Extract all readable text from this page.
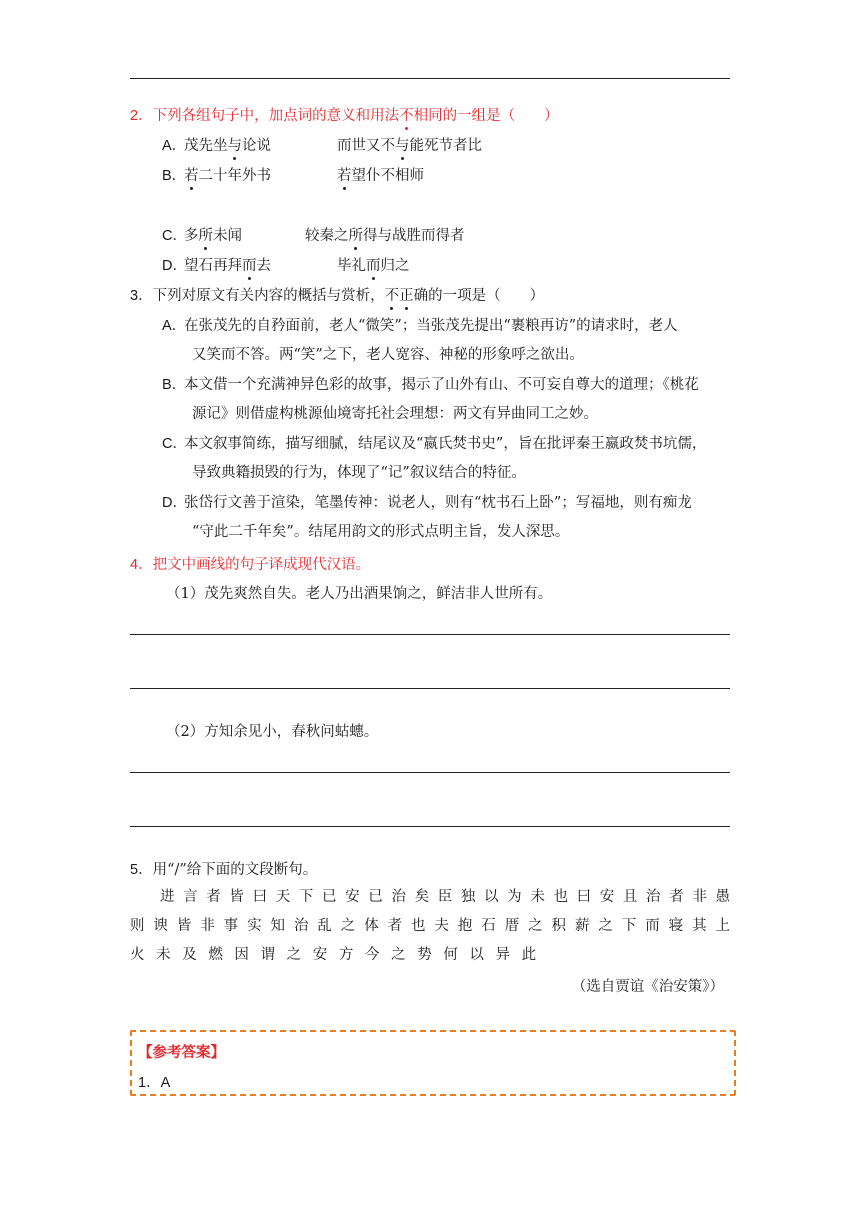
2．下列各组句子中，加点词的意义和用法不相同的一组是（　　）
A．茂先坐与论说	而世又不与能死节者比
B．若二十年外书	若望仆不相师
C．多所未闻	较秦之所得与战胜而得者
D．望石再拜而去	毕礼而归之
3．下列对原文有关内容的概括与赏析，不正确的一项是（　　）
A．在张茂先的自矜面前，老人“微笑”；当张茂先提出“裹粮再访”的请求时，老人
又笑而不答。两“笑”之下，老人宽容、神秘的形象呼之欲出。
B．本文借一个充满神异色彩的故事，揭示了山外有山、不可妄自尊大的道理；《桃花
源记》则借虚构桃源仙境寄托社会理想：两文有异曲同工之妙。
C．本文叙事简练，描写细腻，结尾议及“嬴氏焚书史”，旨在批评秦王嬴政焚书坑儒，
导致典籍损毁的行为，体现了“记”叙议结合的特征。
D．张岱行文善于渲染，笔墨传神：说老人，则有“枕书石上卧”；写福地，则有痴龙
“守此二千年矣”。结尾用韵文的形式点明主旨，发人深思。
4．把文中画线的句子译成现代汉语。
（1）茂先爽然自失。老人乃出酒果饷之，鲜洁非人世所有。
（2）方知余见小，春秋问蛄蟪。
5．用“/”给下面的文段断句。
进 言 者 皆 曰 天 下 已 安 已 治 矣 臣 独 以 为 未 也 曰 安 且 治 者 非 愚
则 谀 皆 非 事 实 知 治 乱 之 体 者 也 夫 抱 石 厝 之 积 薪 之 下 而 寝 其 上
火 未 及 燃 因 谓 之 安 方 今 之 势 何 以 异 此
（选自贾谊《治安策》）
【参考答案】
1．A
